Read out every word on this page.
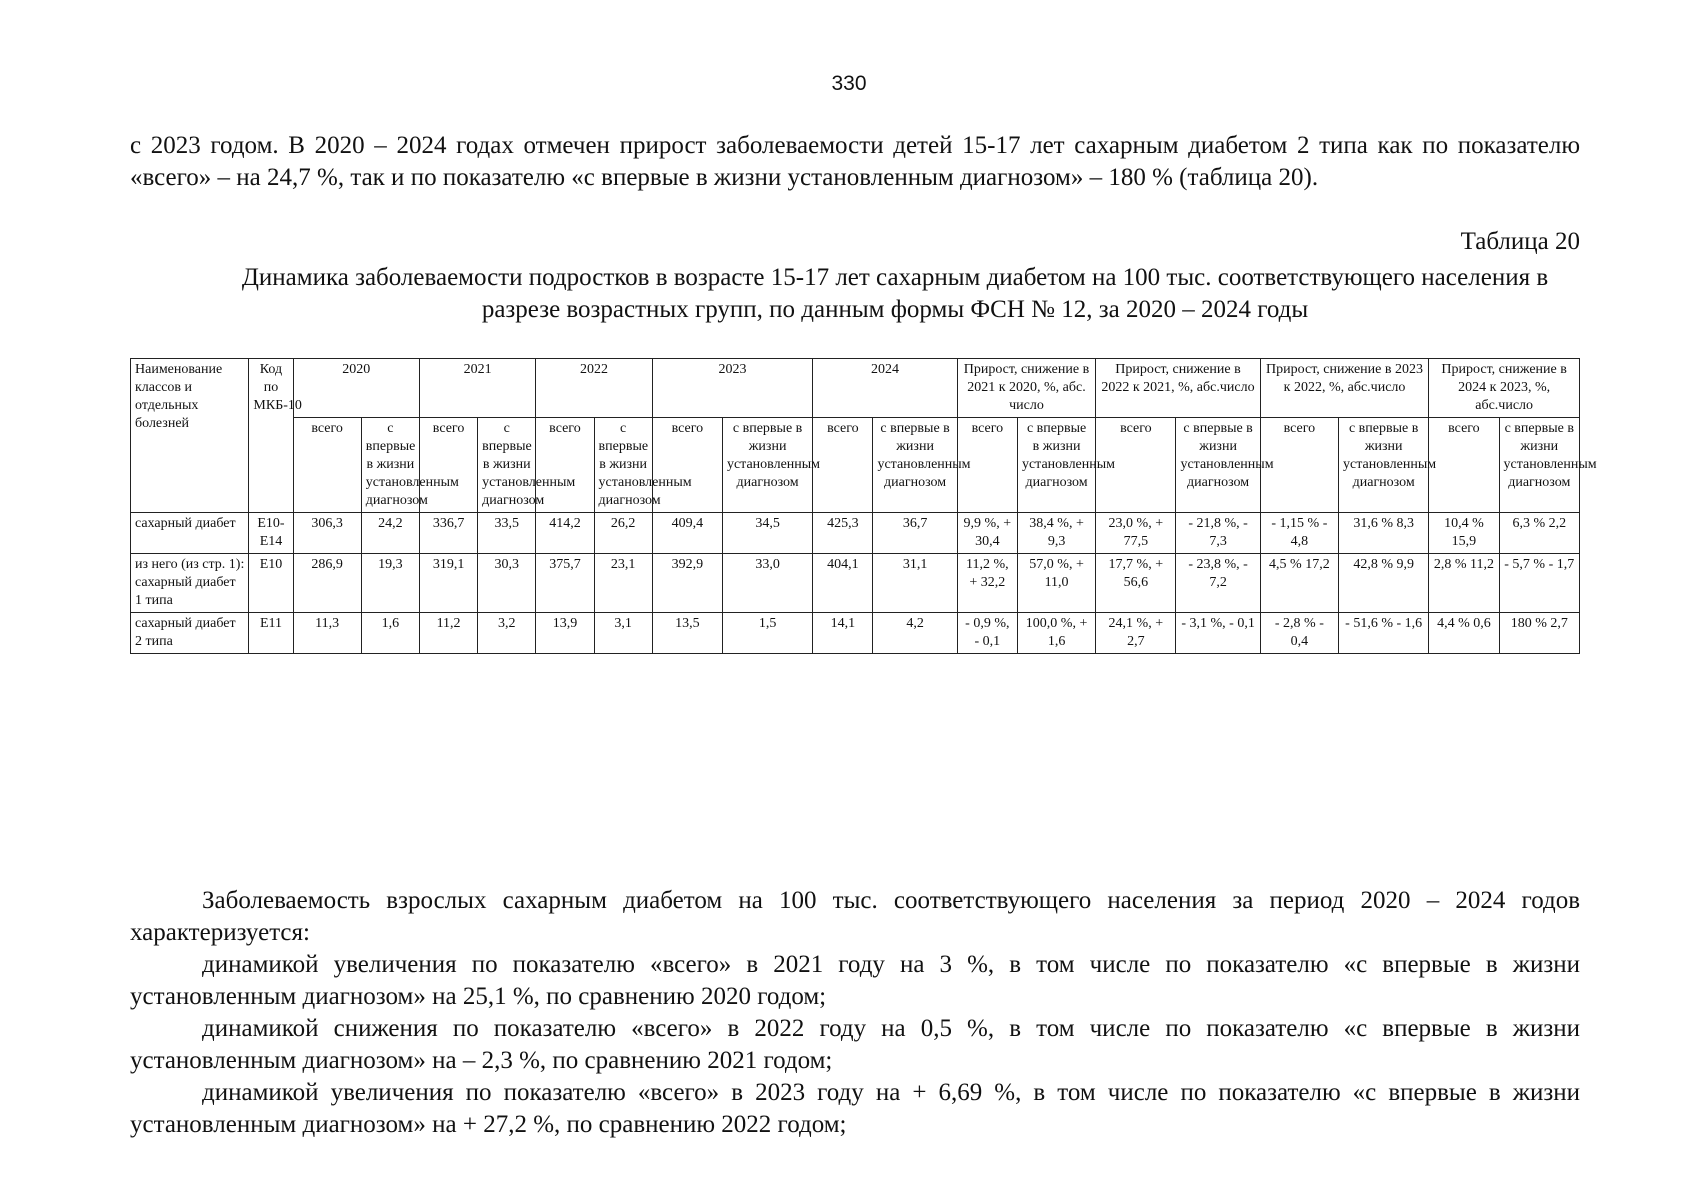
330
с 2023 годом. В 2020 – 2024 годах отмечен прирост заболеваемости детей 15-17 лет сахарным диабетом 2 типа как по показателю «всего» – на 24,7 %, так и по показателю «с впервые в жизни установленным диагнозом» – 180 % (таблица 20).
Таблица 20
Динамика заболеваемости подростков в возрасте 15-17 лет сахарным диабетом на 100 тыс. соответствующего населения в разрезе возрастных групп, по данным формы ФСН № 12, за 2020 – 2024 годы
Наименование классов и отдельных болезней	Код по МКБ-10	2020		2021		2022		2023		2024		Прирост, снижение в 2021 к 2020, %, абс. число		Прирост, снижение в 2022 к 2021, %, абс.число		Прирост, снижение в 2023 к 2022, %, абс.число		Прирост, снижение в 2024 к 2023, %, абс.число	
		всего	с впервые в жизни установленным диагнозом	всего	с впервые в жизни установленным диагнозом	всего	с впервые в жизни установленным диагнозом	всего	с впервые в жизни установленным диагнозом	всего	с впервые в жизни установленным диагнозом	всего	с впервые в жизни установленным диагнозом	всего	с впервые в жизни установленным диагнозом	всего	с впервые в жизни установленным диагнозом	всего	с впервые в жизни установленным диагнозом
сахарный диабет	E10-E14	306,3	24,2	336,7	33,5	414,2	26,2	409,4	34,5	425,3	36,7	9,9 %, + 30,4	38,4 %, + 9,3	23,0 %, + 77,5	- 21,8 %, - 7,3	- 1,15 % - 4,8	31,6 % 8,3	10,4 % 15,9	6,3 % 2,2
из него (из стр. 1): сахарный диабет 1 типа	E10	286,9	19,3	319,1	30,3	375,7	23,1	392,9	33,0	404,1	31,1	11,2 %, + 32,2	57,0 %, + 11,0	17,7 %, + 56,6	- 23,8 %, - 7,2	4,5 % 17,2	42,8 % 9,9	2,8 % 11,2	- 5,7 % - 1,7
сахарный диабет 2 типа	E11	11,3	1,6	11,2	3,2	13,9	3,1	13,5	1,5	14,1	4,2	- 0,9 %, - 0,1	100,0 %, + 1,6	24,1 %, + 2,7	- 3,1 %, - 0,1	- 2,8 % - 0,4	- 51,6 % - 1,6	4,4 % 0,6	180 % 2,7

Заболеваемость взрослых сахарным диабетом на 100 тыс. соответствующего населения за период 2020 – 2024 годов характеризуется:

динамикой увеличения по показателю «всего» в 2021 году на 3 %, в том числе по показателю «с впервые в жизни установленным диагнозом» на 25,1 %, по сравнению 2020 годом;

динамикой снижения по показателю «всего» в 2022 году на 0,5 %, в том числе по показателю «с впервые в жизни установленным диагнозом» на – 2,3 %, по сравнению 2021 годом;

динамикой увеличения по показателю «всего» в 2023 году на + 6,69 %, в том числе по показателю «с впервые в жизни установленным диагнозом» на + 27,2 %, по сравнению 2022 годом;
